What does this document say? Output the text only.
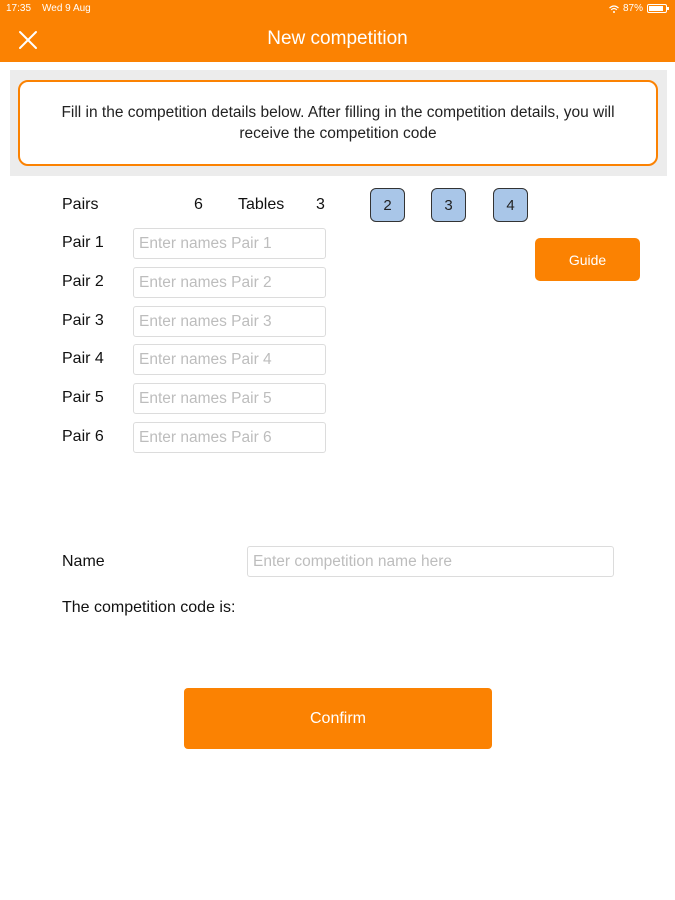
17:35 Wed 9 Aug	87%
New competition
Fill in the competition details below. After filling in the competition details, you will receive the competition code
Pairs	6 Tables 3	2	3	4
Pair 1
Enter names Pair 1
Pair 2
Enter names Pair 2
Pair 3
Enter names Pair 3
Pair 4
Enter names Pair 4
Pair 5
Enter names Pair 5
Pair 6
Enter names Pair 6
Guide
Name
Enter competition name here
The competition code is:
Confirm
